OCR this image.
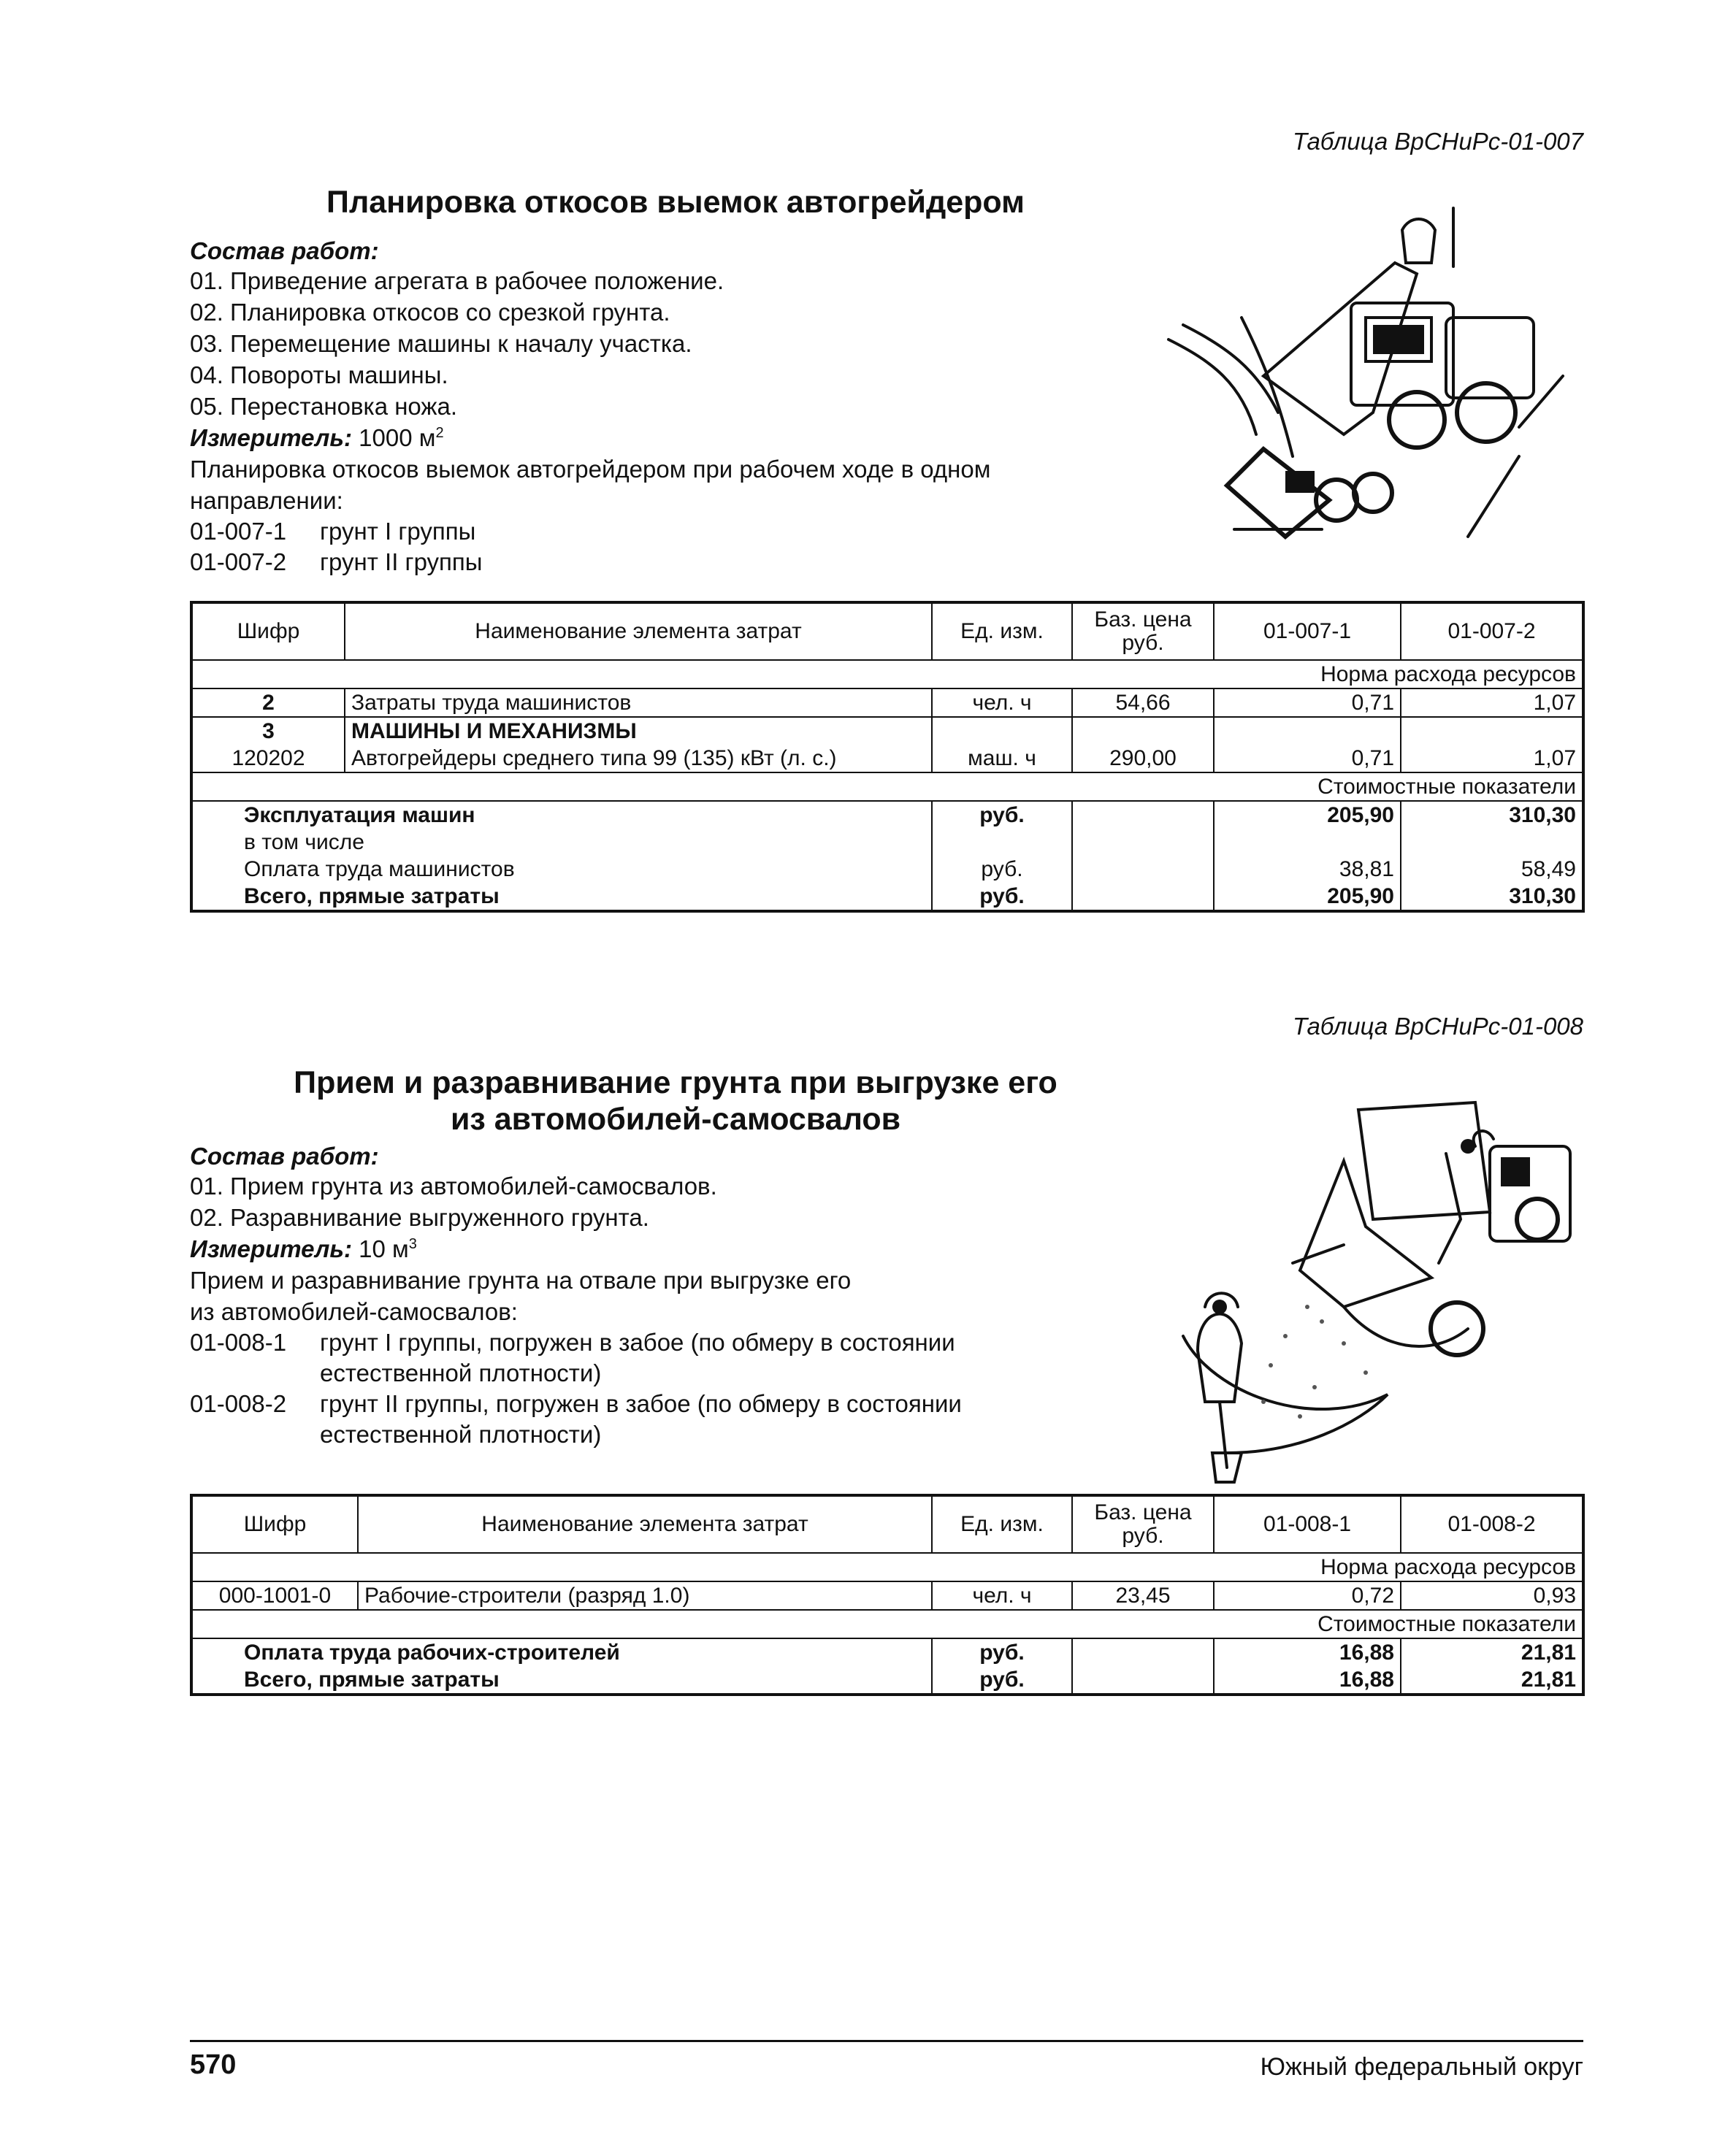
Таблица ВрСНиРс-01-007
Планировка откосов выемок автогрейдером
Состав работ:
01. Приведение агрегата в рабочее положение.
02. Планировка откосов со срезкой грунта.
03. Перемещение машины к началу участка.
04. Повороты машины.
05. Перестановка ножа.
Измеритель: 1000 $м^2$
Планировка откосов выемок автогрейдером при рабочем ходе в одном
направлении:
01-007-1 грунт I группы
01-007-2 грунт II группы
Шифр	Наименование элемента затрат	Ед. изм.	Баз. цена руб.	01-007-1	01-007-2
Норма расхода ресурсов					
2	Затраты труда машинистов	чел. ч	54,66	0,71	1,07
3	МАШИНЫ И МЕХАНИЗМЫ				
120202	Автогрейдеры среднего типа 99 (135) кВт (л. с.)	маш. ч	290,00	0,71	1,07
Стоимостные показатели					
Эксплуатация машин		руб.		205,90	310,30
в том числе					
Оплата труда машинистов		руб.		38,81	58,49
Всего, прямые затраты		руб.		205,90	310,30
Таблица ВрСНиРс-01-008
Прием и разравнивание грунта при выгрузке его
из автомобилей-самосвалов
Состав работ:
01. Прием грунта из автомобилей-самосвалов.
02. Разравнивание выгруженного грунта.
Измеритель: 10 $м^3$
Прием и разравнивание грунта на отвале при выгрузке его
из автомобилей-самосвалов:
01-008-1 грунт I группы, погружен в забое (по обмеру в состоянии
естественной плотности)
01-008-2 грунт II группы, погружен в забое (по обмеру в состоянии
естественной плотности)
Шифр	Наименование элемента затрат	Ед. изм.	Баз. цена руб.	01-008-1	01-008-2
Норма расхода ресурсов					
000-1001-0	Рабочие-строители (разряд 1.0)	чел. ч	23,45	0,72	0,93
Стоимостные показатели					
Оплата труда рабочих-строителей		руб.		16,88	21,81
Всего, прямые затраты		руб.		16,88	21,81
570	Южный федеральный округ
